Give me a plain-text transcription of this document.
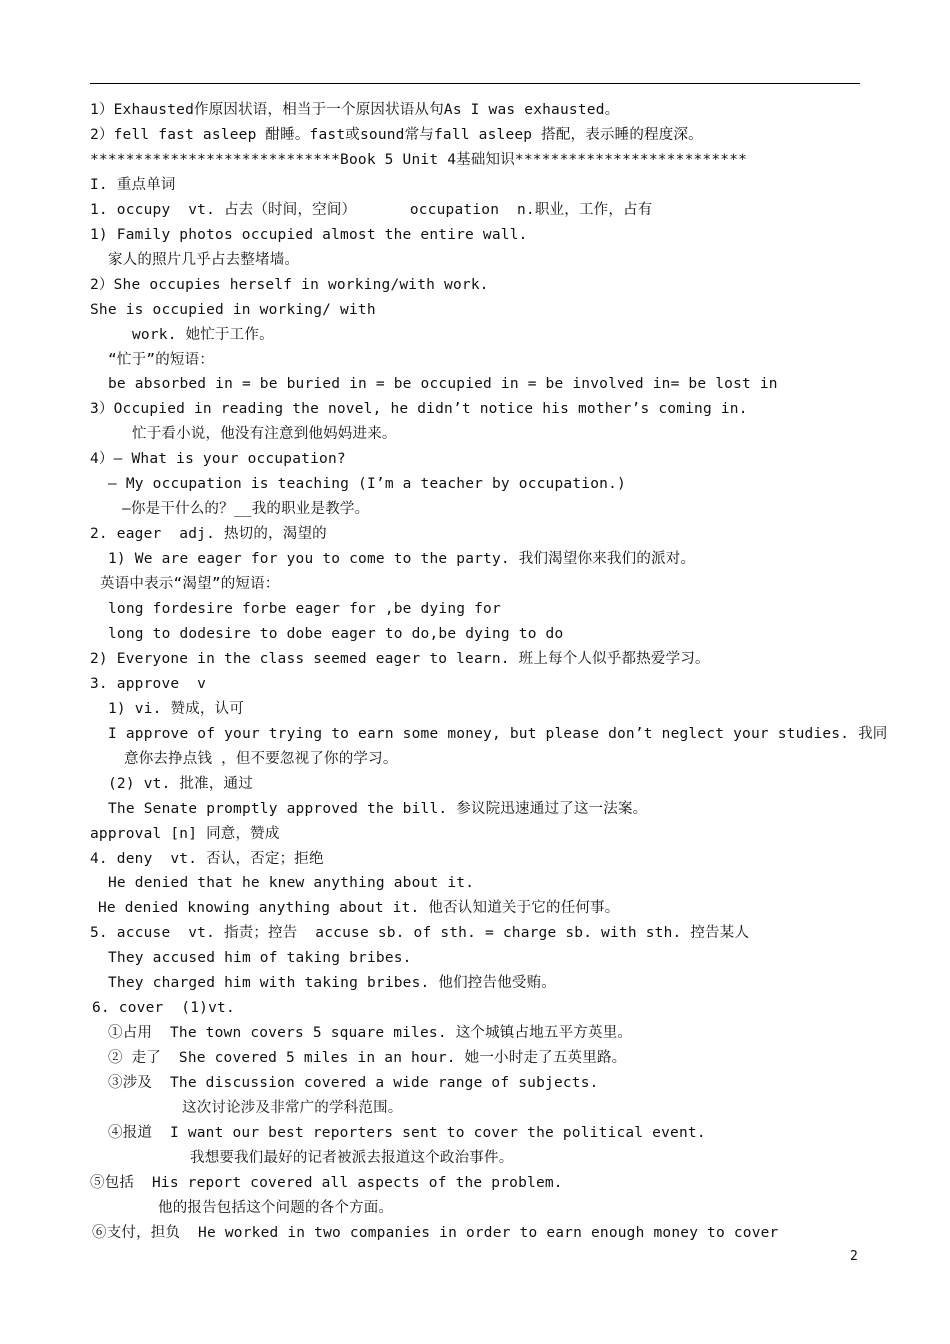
1）Exhausted作原因状语，相当于一个原因状语从句As I was exhausted。
2）fell fast asleep 酣睡。fast或sound常与fall asleep 搭配，表示睡的程度深。
****************************Book 5 Unit 4基础知识**************************
I. 重点单词
1. occupy  vt. 占去（时间，空间）      occupation  n.职业，工作，占有
1) Family photos occupied almost the entire wall.
家人的照片几乎占去整堵墙。
2）She occupies herself in working/with work.
She is occupied in working/ with
work. 她忙于工作。
“忙于”的短语：
be absorbed in = be buried in = be occupied in = be involved in= be lost in
3）Occupied in reading the novel, he didn’t notice his mother’s coming in.
忙于看小说，他没有注意到他妈妈进来。
4）— What is your occupation?
— My occupation is teaching (I’m a teacher by occupation.)
—你是干什么的？__我的职业是教学。
2. eager  adj. 热切的，渴望的
1) We are eager for you to come to the party. 我们渴望你来我们的派对。
英语中表示“渴望”的短语：
long fordesire forbe eager for ,be dying for
long to dodesire to dobe eager to do,be dying to do
2) Everyone in the class seemed eager to learn. 班上每个人似乎都热爱学习。
3. approve  v
1) vi. 赞成，认可
I approve of your trying to earn some money, but please don’t neglect your studies. 我同
意你去挣点钱 ，但不要忽视了你的学习。
(2) vt. 批准，通过
The Senate promptly approved the bill. 参议院迅速通过了这一法案。
approval [n] 同意，赞成
4. deny  vt. 否认，否定；拒绝
He denied that he knew anything about it.
He denied knowing anything about it. 他否认知道关于它的任何事。
5. accuse  vt. 指责；控告  accuse sb. of sth. = charge sb. with sth. 控告某人
They accused him of taking bribes.
They charged him with taking bribes. 他们控告他受贿。
6. cover  (1)vt.
①占用  The town covers 5 square miles. 这个城镇占地五平方英里。
② 走了  She covered 5 miles in an hour. 她一小时走了五英里路。
③涉及  The discussion covered a wide range of subjects.
这次讨论涉及非常广的学科范围。
④报道  I want our best reporters sent to cover the political event.
我想要我们最好的记者被派去报道这个政治事件。
⑤包括  His report covered all aspects of the problem.
他的报告包括这个问题的各个方面。
⑥支付，担负  He worked in two companies in order to earn enough money to cover
2
